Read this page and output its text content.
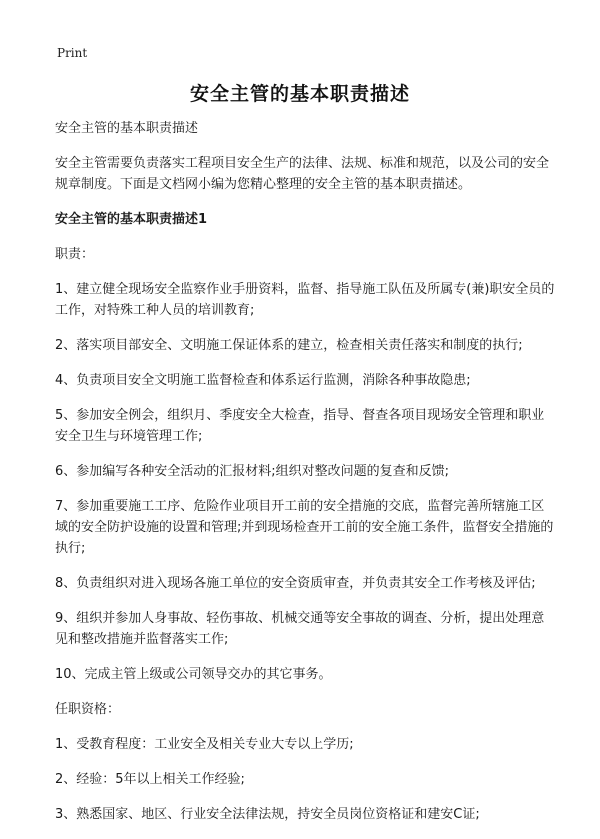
Print
安全主管的基本职责描述

安全主管的基本职责描述

安全主管需要负责落实工程项目安全生产的法律、法规、标准和规范，以及公司的安全规章制度。下面是文档网小编为您精心整理的安全主管的基本职责描述。

安全主管的基本职责描述1

职责：

1、建立健全现场安全监察作业手册资料，监督、指导施工队伍及所属专(兼)职安全员的工作，对特殊工种人员的培训教育;

2、落实项目部安全、文明施工保证体系的建立，检查相关责任落实和制度的执行;

4、负责项目安全文明施工监督检查和体系运行监测，消除各种事故隐患;

5、参加安全例会，组织月、季度安全大检查，指导、督查各项目现场安全管理和职业安全卫生与环境管理工作;

6、参加编写各种安全活动的汇报材料;组织对整改问题的复查和反馈;

7、参加重要施工工序、危险作业项目开工前的安全措施的交底，监督完善所辖施工区域的安全防护设施的设置和管理;并到现场检查开工前的安全施工条件，监督安全措施的执行;

8、负责组织对进入现场各施工单位的安全资质审查，并负责其安全工作考核及评估;

9、组织并参加人身事故、轻伤事故、机械交通等安全事故的调查、分析，提出处理意见和整改措施并监督落实工作;

10、完成主管上级或公司领导交办的其它事务。

任职资格：

1、受教育程度：工业安全及相关专业大专以上学历;

2、经验：5年以上相关工作经验;

3、熟悉国家、地区、行业安全法律法规，持安全员岗位资格证和建安C证;
